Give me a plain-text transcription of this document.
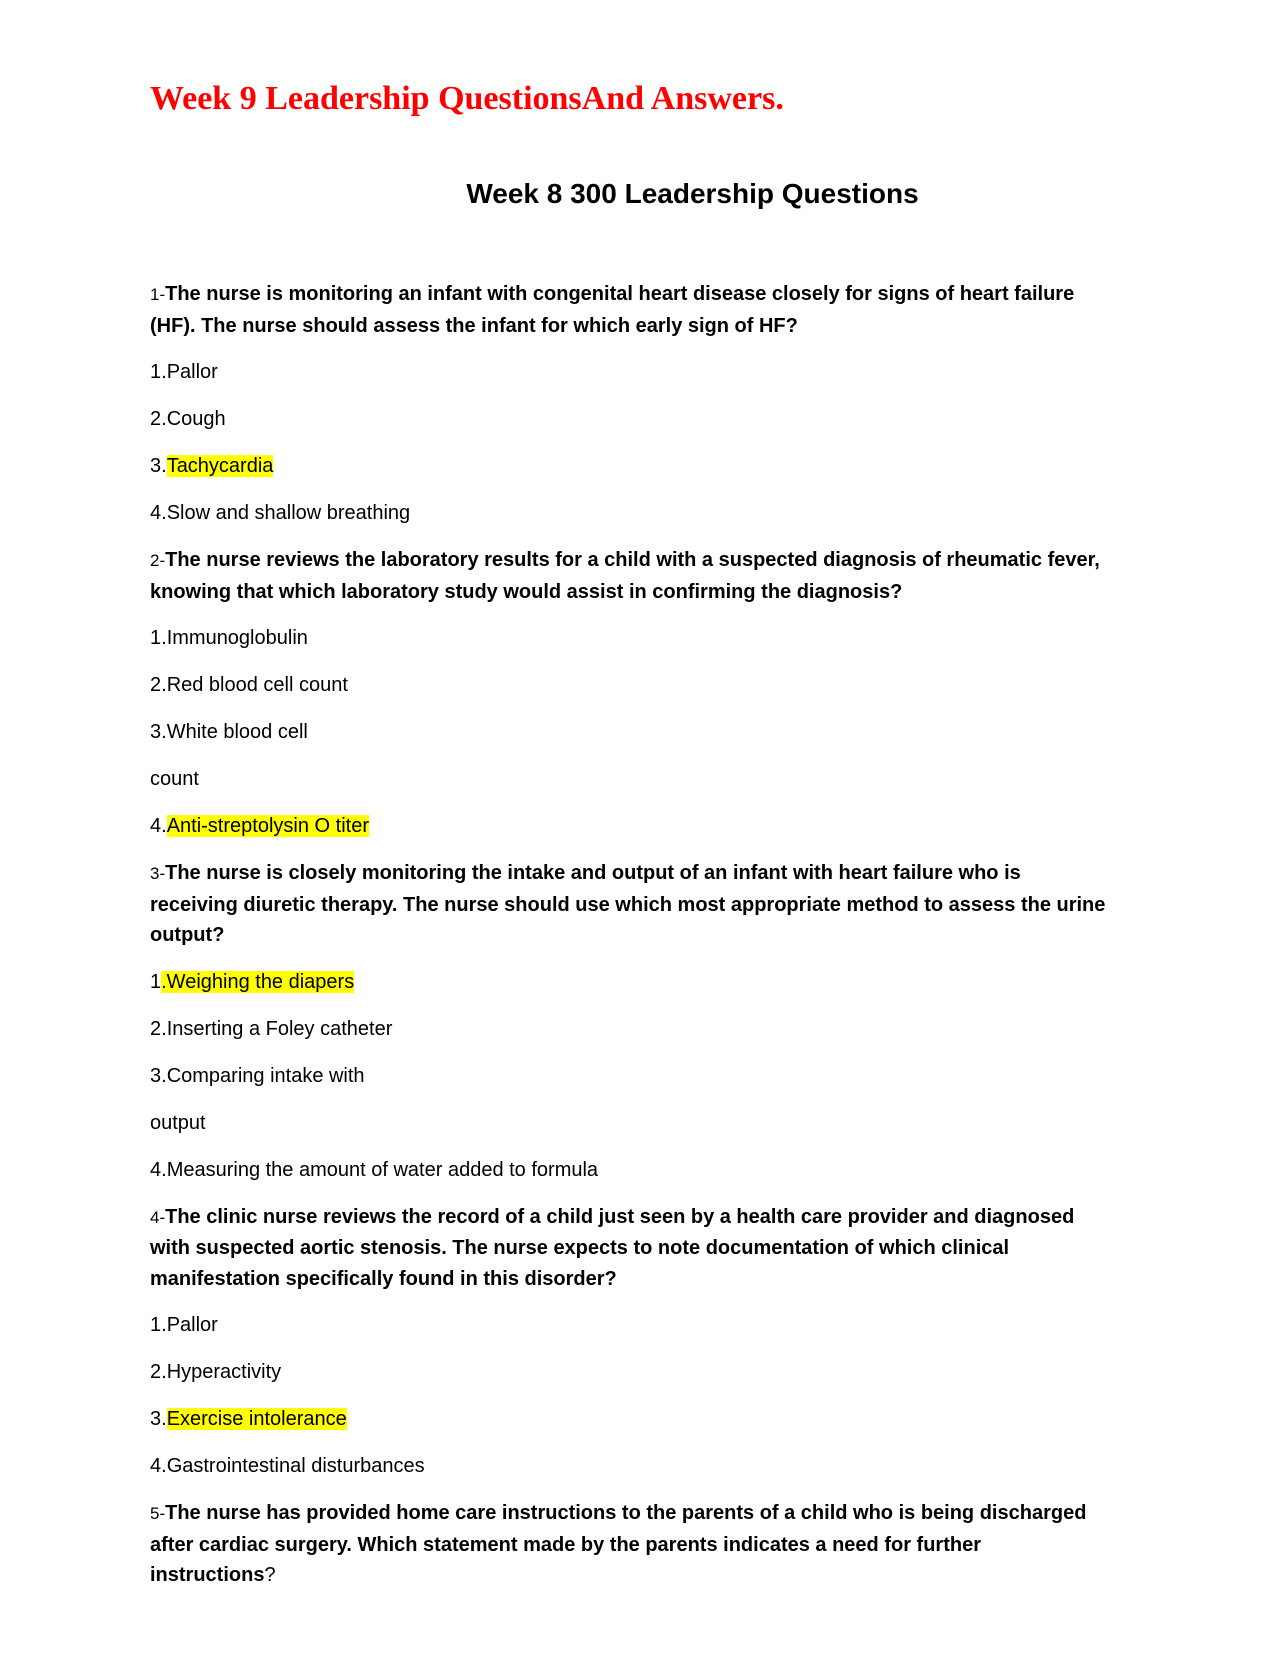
Week 9 Leadership QuestionsAnd Answers.
Week 8 300 Leadership Questions

1-The nurse is monitoring an infant with congenital heart disease closely for signs of heart failure (HF). The nurse should assess the infant for which early sign of HF?

1.Pallor

2.Cough

3.Tachycardia

4.Slow and shallow breathing

2-The nurse reviews the laboratory results for a child with a suspected diagnosis of rheumatic fever, knowing that which laboratory study would assist in confirming the diagnosis?

1.Immunoglobulin

2.Red blood cell count

3.White blood cell

count

4.Anti-streptolysin O titer

3-The nurse is closely monitoring the intake and output of an infant with heart failure who is receiving diuretic therapy. The nurse should use which most appropriate method to assess the urine output?

1.Weighing the diapers

2.Inserting a Foley catheter

3.Comparing intake with

output

4.Measuring the amount of water added to formula

4-The clinic nurse reviews the record of a child just seen by a health care provider and diagnosed with suspected aortic stenosis. The nurse expects to note documentation of which clinical manifestation specifically found in this disorder?

1.Pallor

2.Hyperactivity

3.Exercise intolerance

4.Gastrointestinal disturbances

5-The nurse has provided home care instructions to the parents of a child who is being discharged after cardiac surgery. Which statement made by the parents indicates a need for further instructions?
